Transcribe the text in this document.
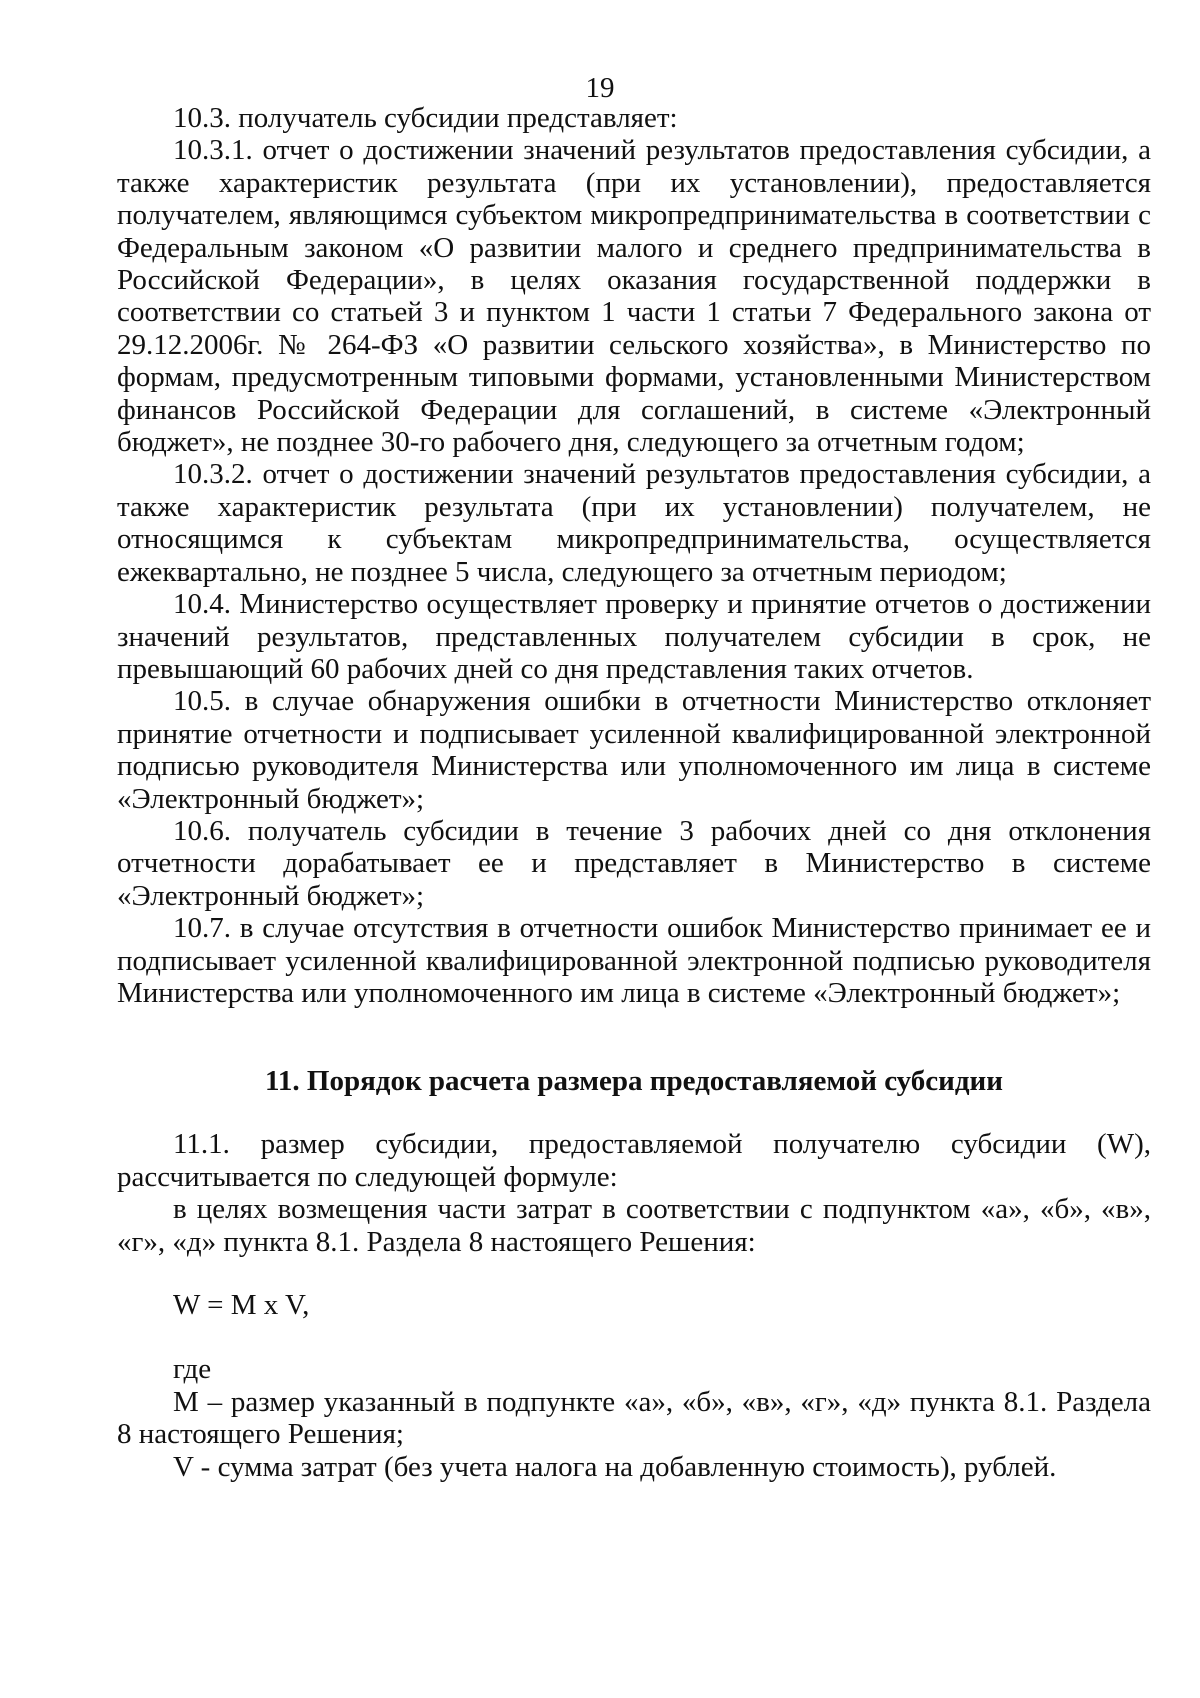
19

10.3. получатель субсидии представляет:

10.3.1. отчет о достижении значений результатов предоставления субсидии, а также характеристик результата (при их установлении), предоставляется получателем, являющимся субъектом микропредпринимательства в соответствии с Федеральным законом «О развитии малого и среднего предпринимательства в Российской Федерации», в целях оказания государственной поддержки в соответствии со статьей 3 и пунктом 1 части 1 статьи 7 Федерального закона от 29.12.2006г. № 264-ФЗ «О развитии сельского хозяйства», в Министерство по формам, предусмотренным типовыми формами, установленными Министерством финансов Российской Федерации для соглашений, в системе «Электронный бюджет», не позднее 30-го рабочего дня, следующего за отчетным годом;

10.3.2. отчет о достижении значений результатов предоставления субсидии, а также характеристик результата (при их установлении) получателем, не относящимся к субъектам микропредпринимательства, осуществляется ежеквартально, не позднее 5 числа, следующего за отчетным периодом;

10.4. Министерство осуществляет проверку и принятие отчетов о достижении значений результатов, представленных получателем субсидии в срок, не превышающий 60 рабочих дней со дня представления таких отчетов.

10.5. в случае обнаружения ошибки в отчетности Министерство отклоняет принятие отчетности и подписывает усиленной квалифицированной электронной подписью руководителя Министерства или уполномоченного им лица в системе «Электронный бюджет»;

10.6. получатель субсидии в течение 3 рабочих дней со дня отклонения отчетности дорабатывает ее и представляет в Министерство в системе «Электронный бюджет»;

10.7. в случае отсутствия в отчетности ошибок Министерство принимает ее и подписывает усиленной квалифицированной электронной подписью руководителя Министерства или уполномоченного им лица в системе «Электронный бюджет»;

11. Порядок расчета размера предоставляемой субсидии

11.1. размер субсидии, предоставляемой получателю субсидии (W), рассчитывается по следующей формуле:

в целях возмещения части затрат в соответствии с подпунктом «а», «б», «в», «г», «д» пункта 8.1. Раздела 8 настоящего Решения:

W = M x V,

где

M – размер указанный в подпункте «а», «б», «в», «г», «д» пункта 8.1. Раздела 8 настоящего Решения;

V - сумма затрат (без учета налога на добавленную стоимость), рублей.
